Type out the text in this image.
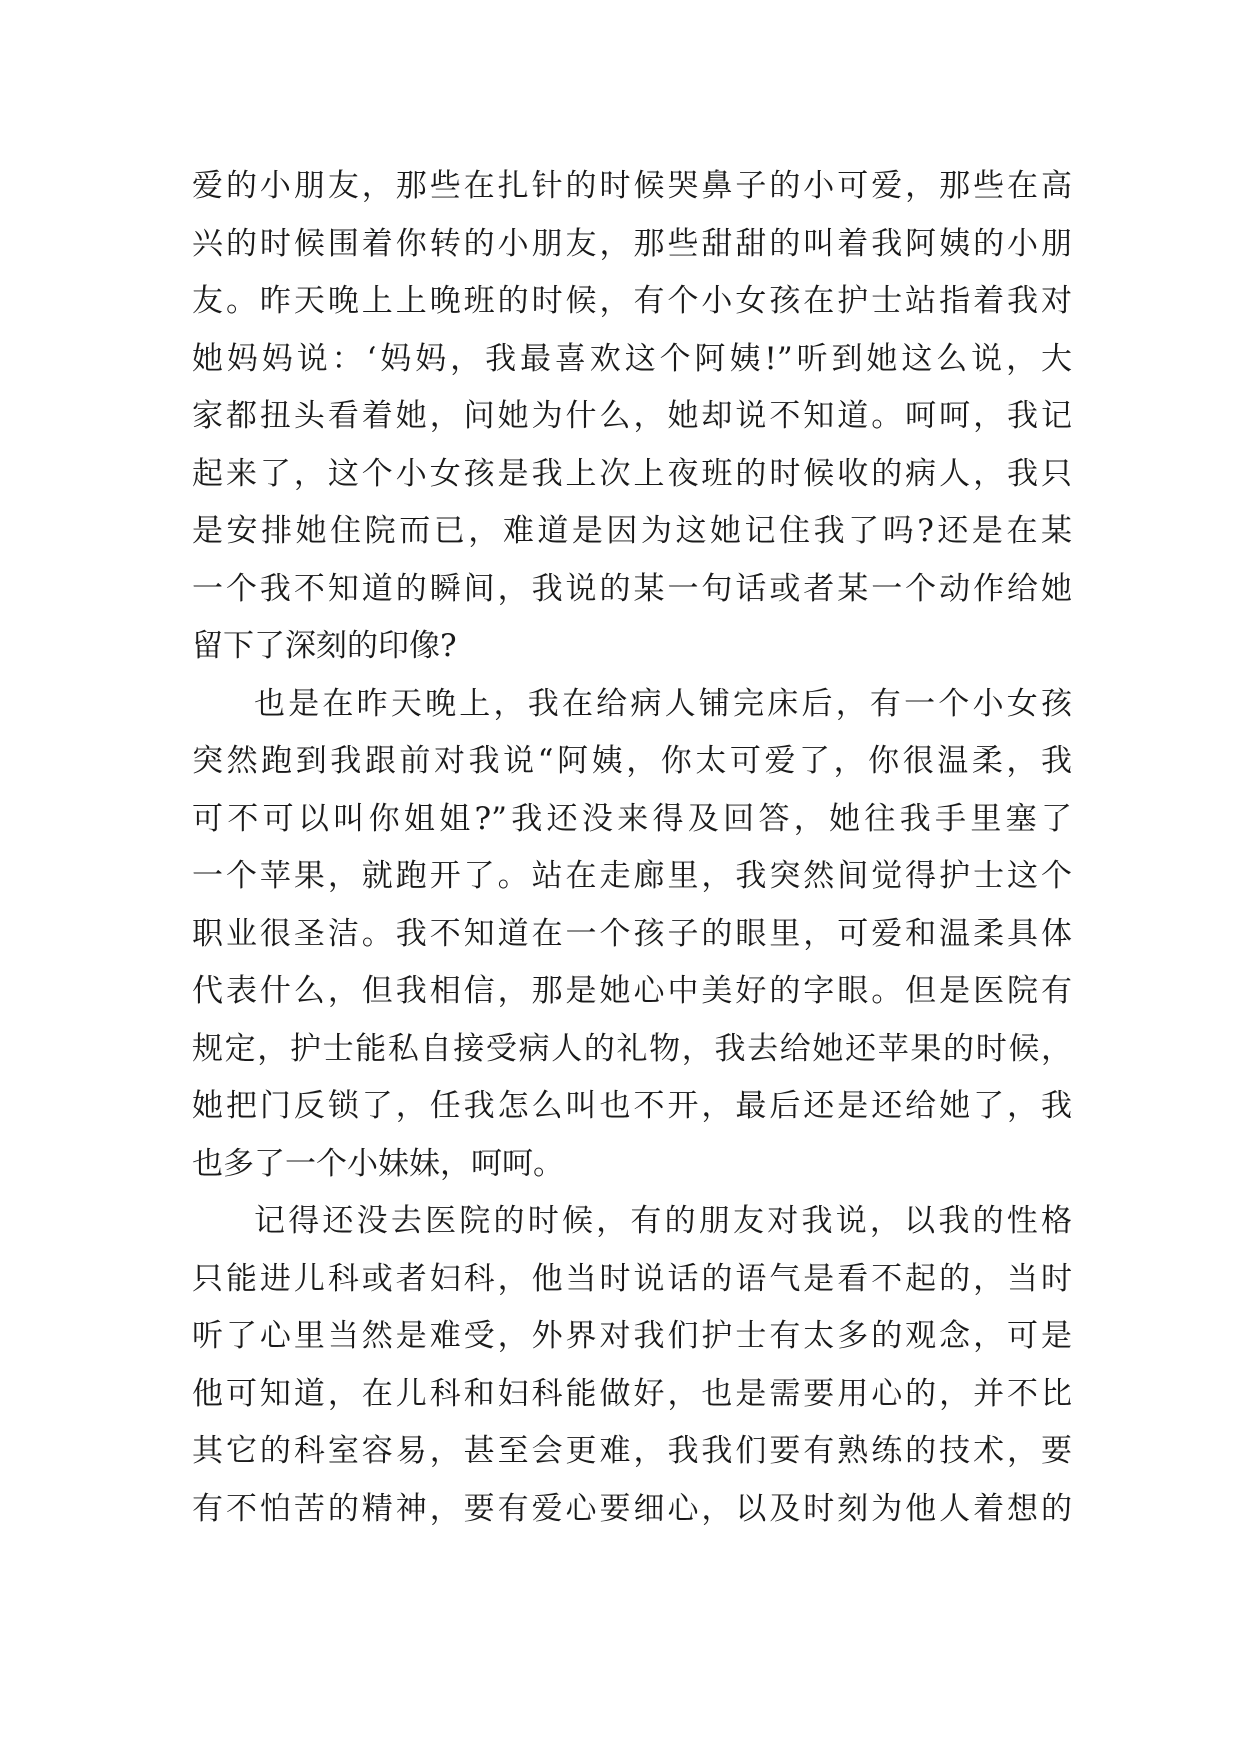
爱的小朋友，那些在扎针的时候哭鼻子的小可爱，那些在高
兴的时候围着你转的小朋友，那些甜甜的叫着我阿姨的小朋
友。昨天晚上上晚班的时候，有个小女孩在护士站指着我对
她妈妈说：‘妈妈，我最喜欢这个阿姨!”听到她这么说，大
家都扭头看着她，问她为什么，她却说不知道。呵呵，我记
起来了，这个小女孩是我上次上夜班的时候收的病人，我只
是安排她住院而已，难道是因为这她记住我了吗?还是在某
一个我不知道的瞬间，我说的某一句话或者某一个动作给她
留下了深刻的印像?
也是在昨天晚上，我在给病人铺完床后，有一个小女孩
突然跑到我跟前对我说“阿姨，你太可爱了，你很温柔，我
可不可以叫你姐姐?”我还没来得及回答，她往我手里塞了
一个苹果，就跑开了。站在走廊里，我突然间觉得护士这个
职业很圣洁。我不知道在一个孩子的眼里，可爱和温柔具体
代表什么，但我相信，那是她心中美好的字眼。但是医院有
规定，护士能私自接受病人的礼物，我去给她还苹果的时候，
她把门反锁了，任我怎么叫也不开，最后还是还给她了，我
也多了一个小妹妹，呵呵。
记得还没去医院的时候，有的朋友对我说，以我的性格
只能进儿科或者妇科，他当时说话的语气是看不起的，当时
听了心里当然是难受，外界对我们护士有太多的观念，可是
他可知道，在儿科和妇科能做好，也是需要用心的，并不比
其它的科室容易，甚至会更难，我我们要有熟练的技术，要
有不怕苦的精神，要有爱心要细心，以及时刻为他人着想的
